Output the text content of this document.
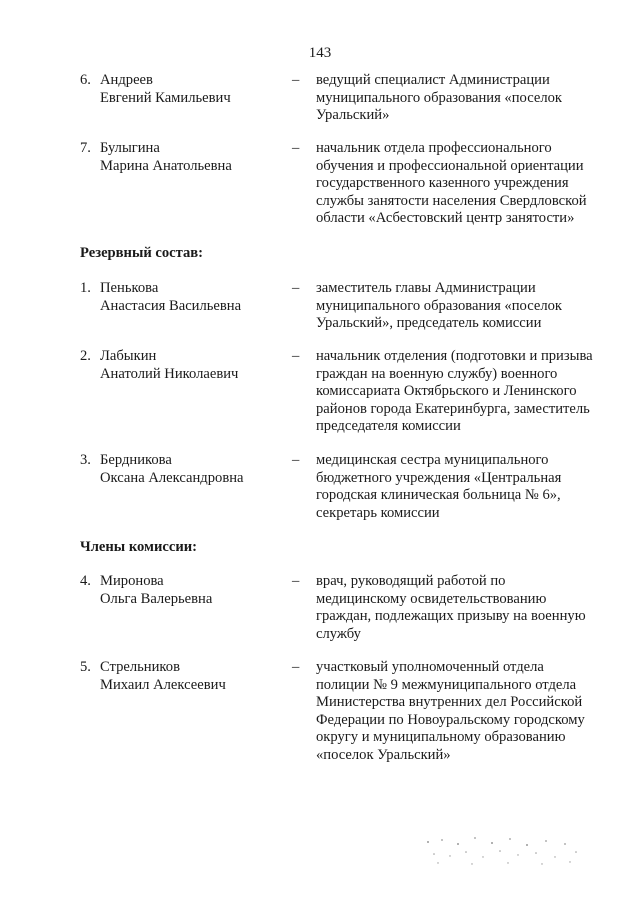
143
6. Андреев
Евгений Камильевич
– ведущий специалист Администрации
муниципального образования «поселок
Уральский»
7. Булыгина
Марина Анатольевна
– начальник отдела профессионального
обучения и профессиональной ориентации
государственного казенного учреждения
службы занятости населения Свердловской
области «Асбестовский центр занятости»
Резервный состав:
1. Пенькова
Анастасия Васильевна
– заместитель главы Администрации
муниципального образования «поселок
Уральский», председатель комиссии
2. Лабыкин
Анатолий Николаевич
– начальник отделения (подготовки и призыва
граждан на военную службу) военного
комиссариата Октябрьского и Ленинского
районов города Екатеринбурга, заместитель
председателя комиссии
3. Бердникова
Оксана Александровна
– медицинская сестра муниципального
бюджетного учреждения «Центральная
городская клиническая больница № 6»,
секретарь комиссии
Члены комиссии:
4. Миронова
Ольга Валерьевна
– врач, руководящий работой по
медицинскому освидетельствованию
граждан, подлежащих призыву на военную
службу
5. Стрельников
Михаил Алексеевич
– участковый уполномоченный отдела
полиции № 9 межмуниципального отдела
Министерства внутренних дел Российской
Федерации по Новоуральскому городскому
округу и муниципальному образованию
«поселок Уральский»
